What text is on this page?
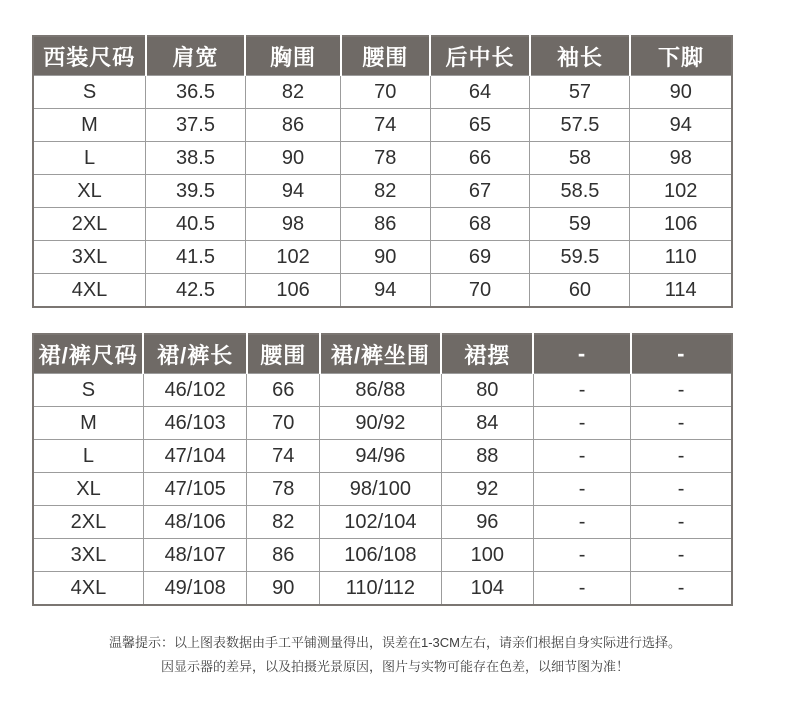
西装尺码	肩宽	胸围	腰围	后中长	袖长	下脚
S	36.5	82	70	64	57	90
M	37.5	86	74	65	57.5	94
L	38.5	90	78	66	58	98
XL	39.5	94	82	67	58.5	102
2XL	40.5	98	86	68	59	106
3XL	41.5	102	90	69	59.5	110
4XL	42.5	106	94	70	60	114
裙/裤尺码	裙/裤长	腰围	裙/裤坐围	裙摆	-	-
S	46/102	66	86/88	80	-	-
M	46/103	70	90/92	84	-	-
L	47/104	74	94/96	88	-	-
XL	47/105	78	98/100	92	-	-
2XL	48/106	82	102/104	96	-	-
3XL	48/107	86	106/108	100	-	-
4XL	49/108	90	110/112	104	-	-
温馨提示：以上图表数据由手工平铺测量得出，误差在1-3CM左右，请亲们根据自身实际进行选择。
因显示器的差异，以及拍摄光景原因，图片与实物可能存在色差，以细节图为准！
